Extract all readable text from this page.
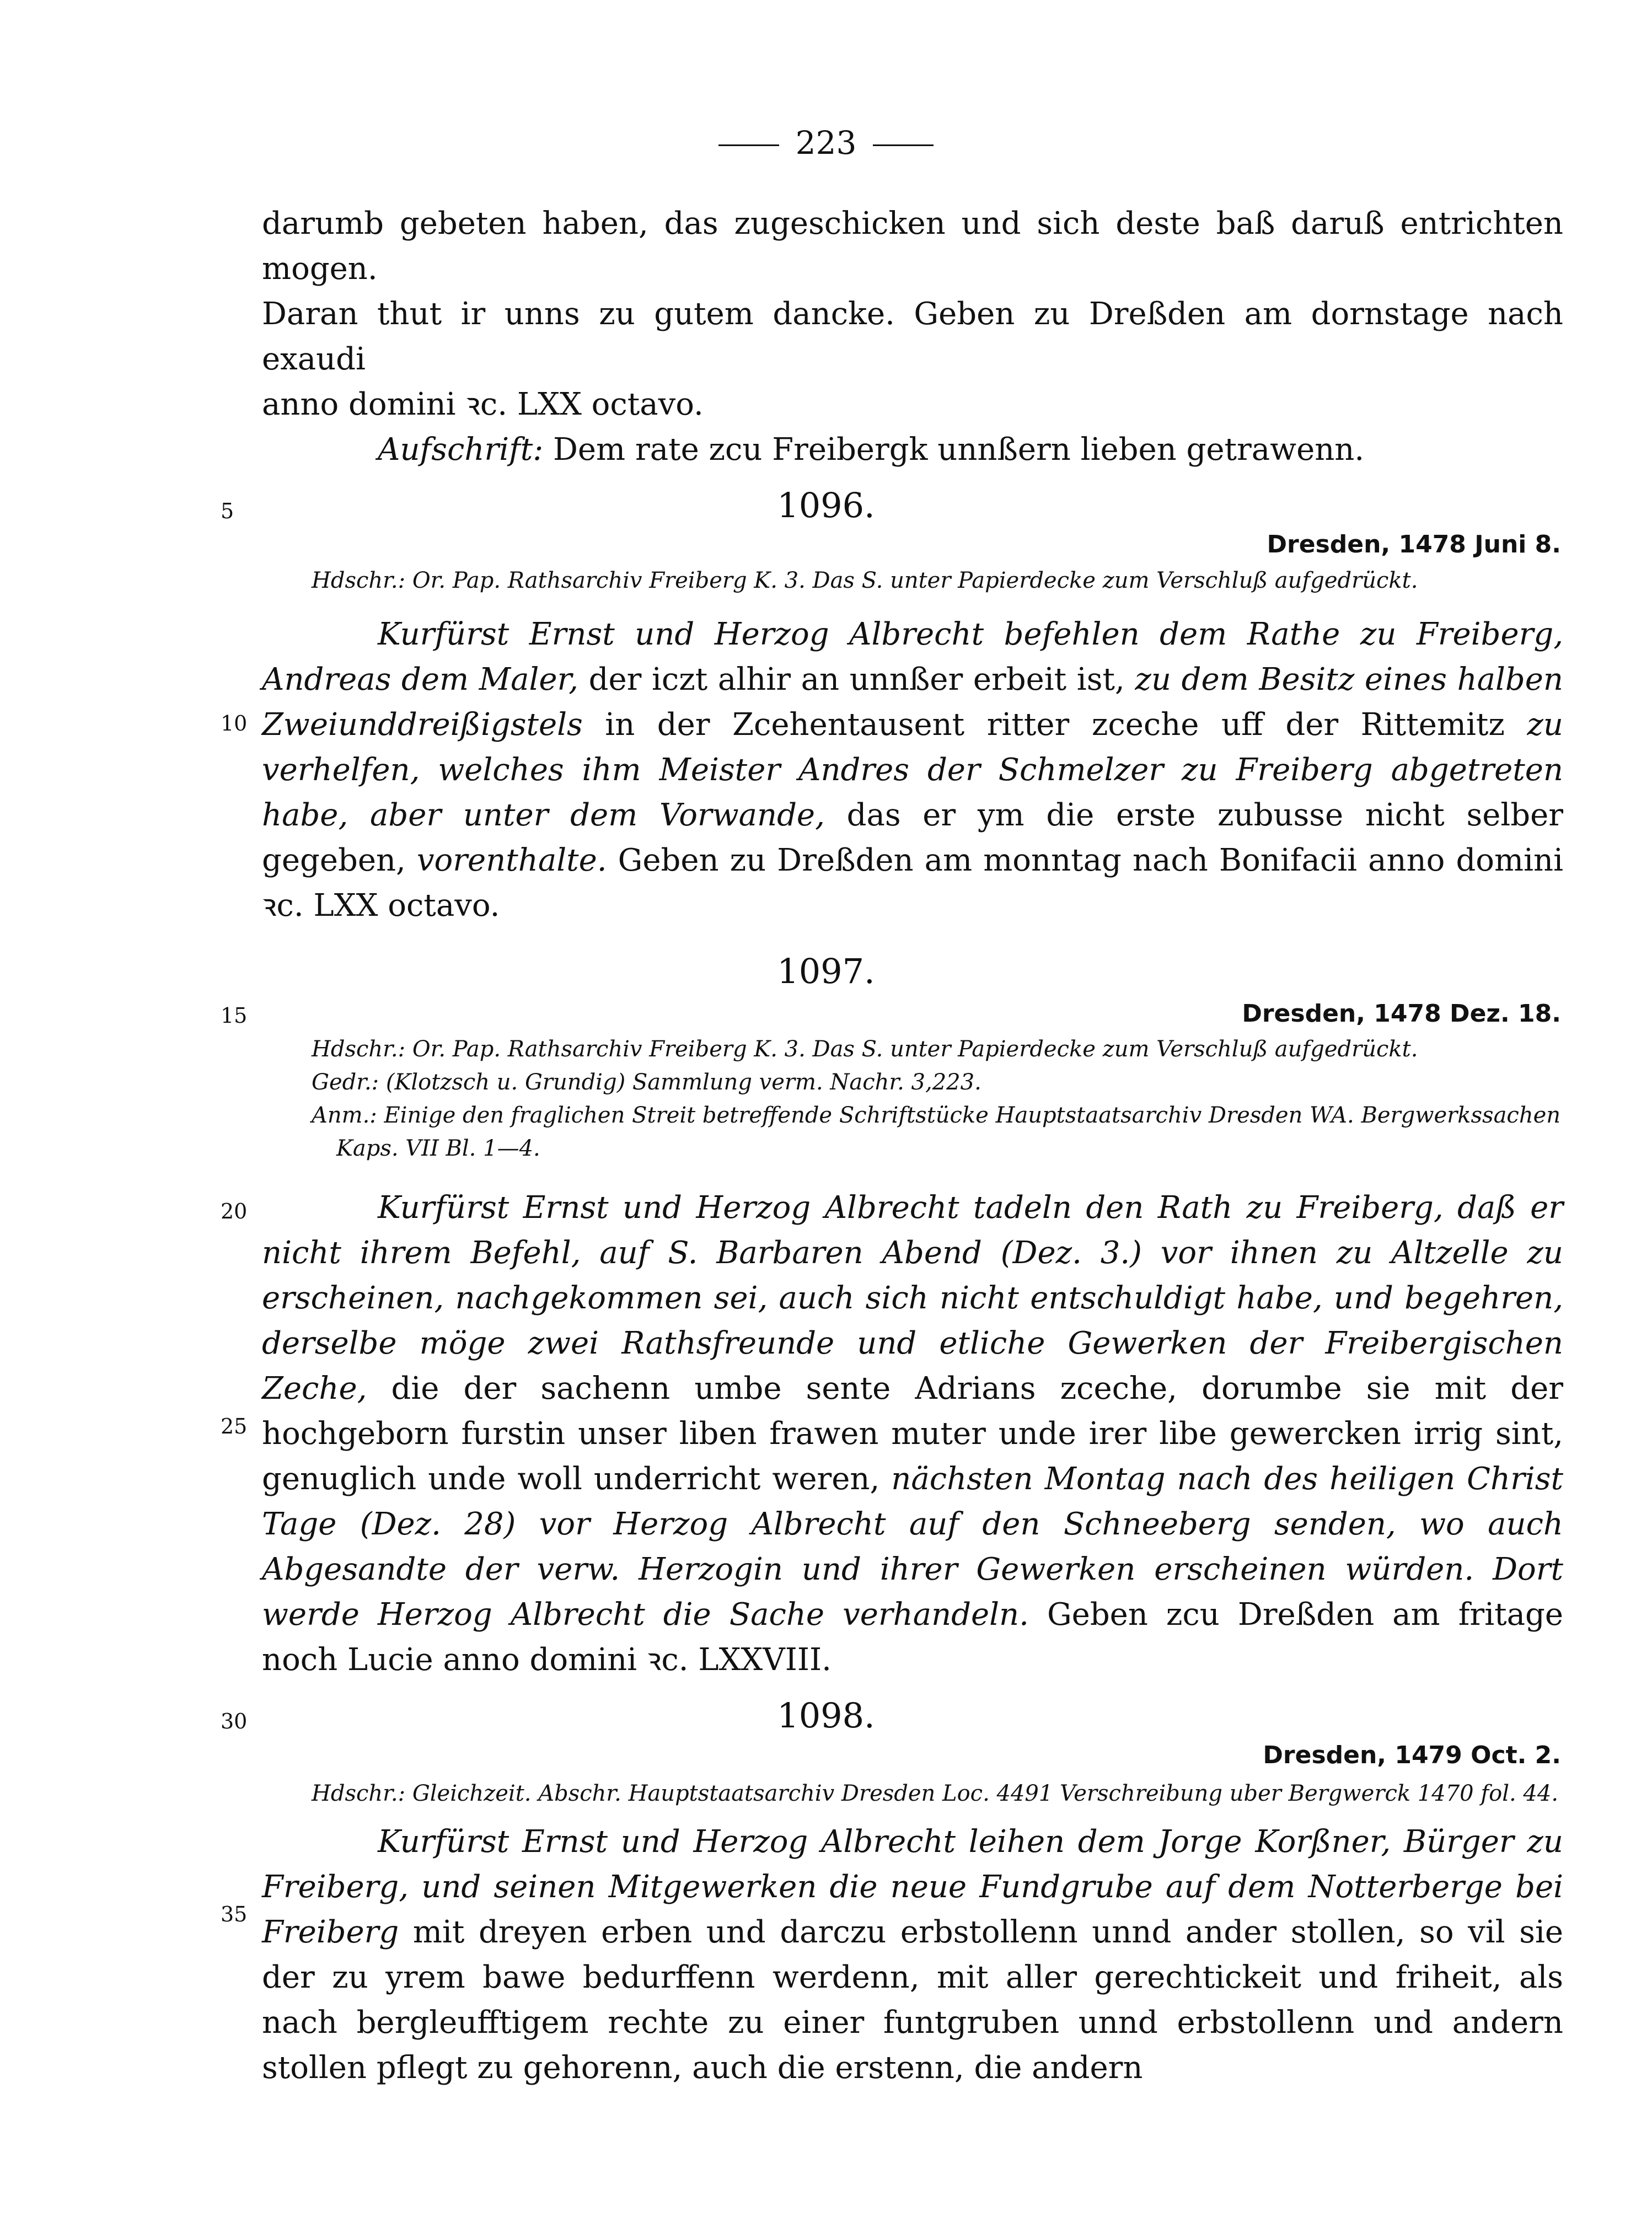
223

darumb gebeten haben, das zugeschicken und sich deste baß daruß entrichten mogen.

Daran thut ir unns zu gutem dancke. Geben zu Dreßden am dornstage nach exaudi

anno domini ꝛc. LXX octavo.

Aufschrift: Dem rate zcu Freibergk unnßern lieben getrawenn.

5
10
15
20
25
30
35
1096.
Dresden, 1478 Juni 8.

Hdschr.: Or. Pap. Rathsarchiv Freiberg K. 3. Das S. unter Papierdecke zum Verschluß aufgedrückt.

Kurfürst Ernst und Herzog Albrecht befehlen dem Rathe zu Freiberg, Andreas dem Maler, der iczt alhir an unnßer erbeit ist, zu dem Besitz eines halben Zweiunddreißigstels in der Zcehentausent ritter zceche uff der Rittemitz zu verhelfen, welches ihm Meister Andres der Schmelzer zu Freiberg abgetreten habe, aber unter dem Vorwande, das er ym die erste zubusse nicht selber gegeben, vorenthalte. Geben zu Dreßden am monntag nach Bonifacii anno domini ꝛc. LXX octavo.

1097.
Dresden, 1478 Dez. 18.

Hdschr.: Or. Pap. Rathsarchiv Freiberg K. 3. Das S. unter Papierdecke zum Verschluß aufgedrückt.

Gedr.: (Klotzsch u. Grundig) Sammlung verm. Nachr. 3,223.

Anm.: Einige den fraglichen Streit betreffende Schriftstücke Hauptstaatsarchiv Dresden WA. Bergwerkssachen

Kaps. VII Bl. 1—4.

Kurfürst Ernst und Herzog Albrecht tadeln den Rath zu Freiberg, daß er nicht ihrem Befehl, auf S. Barbaren Abend (Dez. 3.) vor ihnen zu Altzelle zu erscheinen, nachgekommen sei, auch sich nicht entschuldigt habe, und begehren, derselbe möge zwei Rathsfreunde und etliche Gewerken der Freibergischen Zeche, die der sachenn umbe sente Adrians zceche, dorumbe sie mit der hochgeborn furstin unser liben frawen muter unde irer libe gewercken irrig sint, genuglich unde woll underricht weren, nächsten Montag nach des heiligen Christ Tage (Dez. 28) vor Herzog Albrecht auf den Schneeberg senden, wo auch Abgesandte der verw. Herzogin und ihrer Gewerken erscheinen würden. Dort werde Herzog Albrecht die Sache verhandeln. Geben zcu Dreßden am fritage noch Lucie anno domini ꝛc. LXXVIII.

1098.
Dresden, 1479 Oct. 2.

Hdschr.: Gleichzeit. Abschr. Hauptstaatsarchiv Dresden Loc. 4491 Verschreibung uber Bergwerck 1470 fol. 44.

Kurfürst Ernst und Herzog Albrecht leihen dem Jorge Korßner, Bürger zu Freiberg, und seinen Mitgewerken die neue Fundgrube auf dem Notterberge bei Freiberg mit dreyen erben und darczu erbstollenn unnd ander stollen, so vil sie der zu yrem bawe bedurffenn werdenn, mit aller gerechtickeit und friheit, als nach bergleufftigem rechte zu einer funtgruben unnd erbstollenn und andern stollen pflegt zu gehorenn, auch die erstenn, die andern
